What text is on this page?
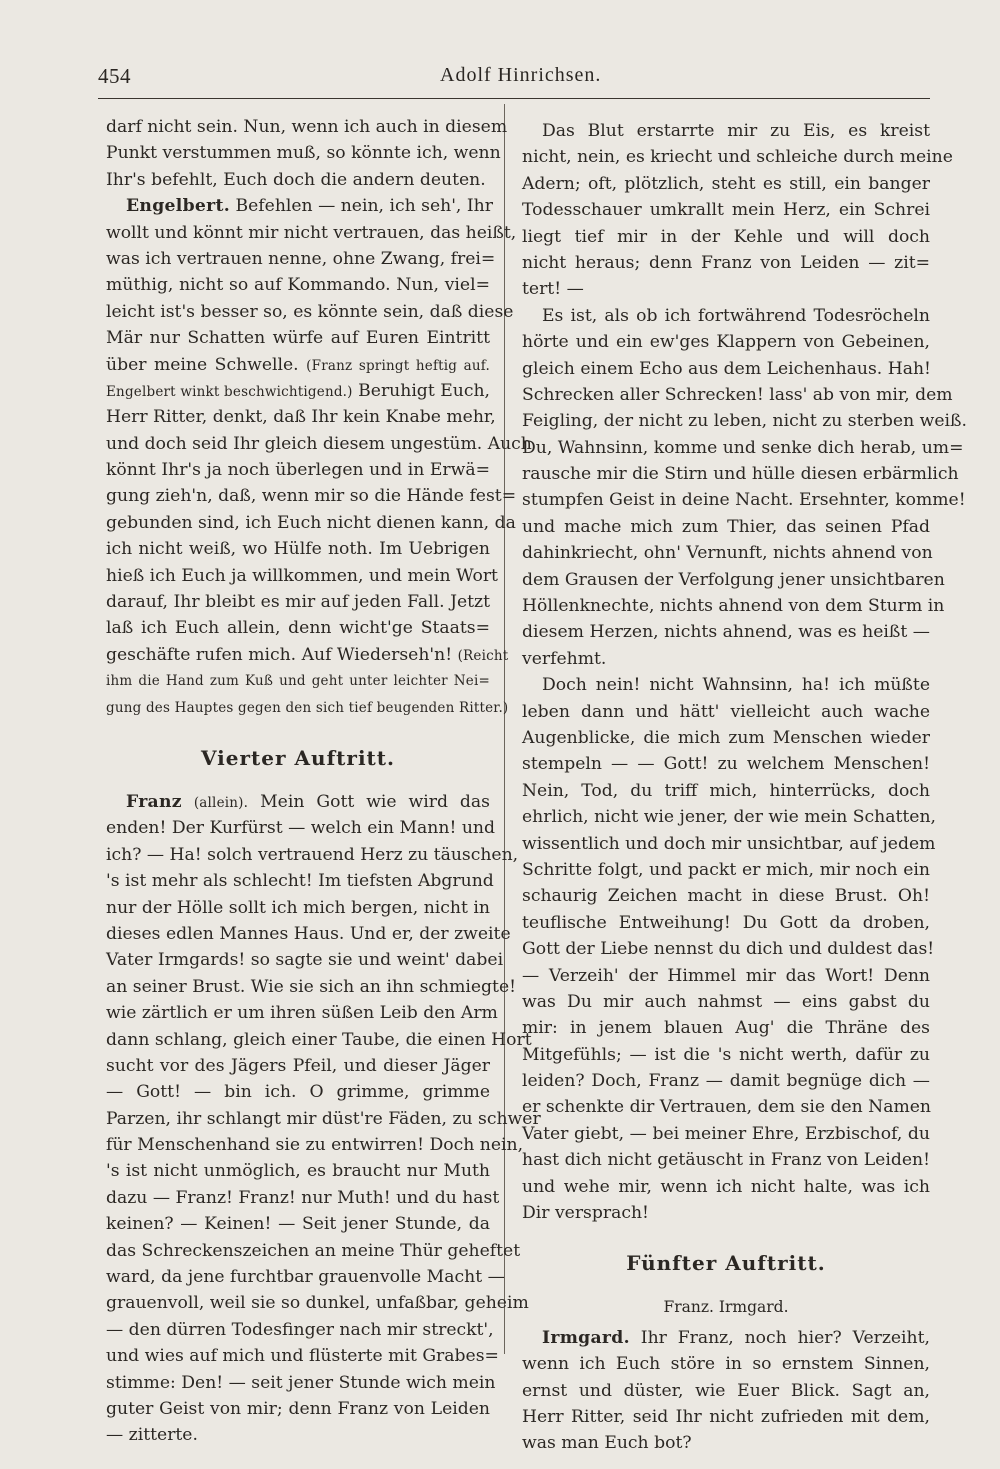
454	Adolf Hinrichsen.
darf nicht sein. Nun, wenn ich auch in diesem
Punkt verstummen muß, so könnte ich, wenn
Ihr's befehlt, Euch doch die andern deuten.
Engelbert. Befehlen — nein, ich seh', Ihr
wollt und könnt mir nicht vertrauen, das heißt,
was ich vertrauen nenne, ohne Zwang, frei=
müthig, nicht so auf Kommando. Nun, viel=
leicht ist's besser so, es könnte sein, daß diese
Mär nur Schatten würfe auf Euren Eintritt
über meine Schwelle. (Franz springt heftig auf.
Engelbert winkt beschwichtigend.) Beruhigt Euch,
Herr Ritter, denkt, daß Ihr kein Knabe mehr,
und doch seid Ihr gleich diesem ungestüm. Auch
könnt Ihr's ja noch überlegen und in Erwä=
gung zieh'n, daß, wenn mir so die Hände fest=
gebunden sind, ich Euch nicht dienen kann, da
ich nicht weiß, wo Hülfe noth. Im Uebrigen
hieß ich Euch ja willkommen, und mein Wort
darauf, Ihr bleibt es mir auf jeden Fall. Jetzt
laß ich Euch allein, denn wicht'ge Staats=
geschäfte rufen mich. Auf Wiederseh'n! (Reicht
ihm die Hand zum Kuß und geht unter leichter Nei=
gung des Hauptes gegen den sich tief beugenden Ritter.)
Vierter Auftritt.
Franz (allein). Mein Gott wie wird das
enden! Der Kurfürst — welch ein Mann! und
ich? — Ha! solch vertrauend Herz zu täuschen,
's ist mehr als schlecht! Im tiefsten Abgrund
nur der Hölle sollt ich mich bergen, nicht in
dieses edlen Mannes Haus. Und er, der zweite
Vater Irmgards! so sagte sie und weint' dabei
an seiner Brust. Wie sie sich an ihn schmiegte!
wie zärtlich er um ihren süßen Leib den Arm
dann schlang, gleich einer Taube, die einen Hort
sucht vor des Jägers Pfeil, und dieser Jäger
— Gott! — bin ich. O grimme, grimme
Parzen, ihr schlangt mir düst're Fäden, zu schwer
für Menschenhand sie zu entwirren! Doch nein,
's ist nicht unmöglich, es braucht nur Muth
dazu — Franz! Franz! nur Muth! und du hast
keinen? — Keinen! — Seit jener Stunde, da
das Schreckenszeichen an meine Thür geheftet
ward, da jene furchtbar grauenvolle Macht —
grauenvoll, weil sie so dunkel, unfaßbar, geheim
— den dürren Todesfinger nach mir streckt',
und wies auf mich und flüsterte mit Grabes=
stimme: Den! — seit jener Stunde wich mein
guter Geist von mir; denn Franz von Leiden
— zitterte.
Das Blut erstarrte mir zu Eis, es kreist
nicht, nein, es kriecht und schleiche durch meine
Adern; oft, plötzlich, steht es still, ein banger
Todesschauer umkrallt mein Herz, ein Schrei
liegt tief mir in der Kehle und will doch
nicht heraus; denn Franz von Leiden — zit=
tert! —
Es ist, als ob ich fortwährend Todesröcheln
hörte und ein ew'ges Klappern von Gebeinen,
gleich einem Echo aus dem Leichenhaus. Hah!
Schrecken aller Schrecken! lass' ab von mir, dem
Feigling, der nicht zu leben, nicht zu sterben weiß.
Du, Wahnsinn, komme und senke dich herab, um=
rausche mir die Stirn und hülle diesen erbärmlich
stumpfen Geist in deine Nacht. Ersehnter, komme!
und mache mich zum Thier, das seinen Pfad
dahinkriecht, ohn' Vernunft, nichts ahnend von
dem Grausen der Verfolgung jener unsichtbaren
Höllenknechte, nichts ahnend von dem Sturm in
diesem Herzen, nichts ahnend, was es heißt —
verfehmt.
Doch nein! nicht Wahnsinn, ha! ich müßte
leben dann und hätt' vielleicht auch wache
Augenblicke, die mich zum Menschen wieder
stempeln — — Gott! zu welchem Menschen!
Nein, Tod, du triff mich, hinterrücks, doch
ehrlich, nicht wie jener, der wie mein Schatten,
wissentlich und doch mir unsichtbar, auf jedem
Schritte folgt, und packt er mich, mir noch ein
schaurig Zeichen macht in diese Brust. Oh!
teuflische Entweihung! Du Gott da droben,
Gott der Liebe nennst du dich und duldest das!
— Verzeih' der Himmel mir das Wort! Denn
was Du mir auch nahmst — eins gabst du
mir: in jenem blauen Aug' die Thräne des
Mitgefühls; — ist die 's nicht werth, dafür zu
leiden? Doch, Franz — damit begnüge dich —
er schenkte dir Vertrauen, dem sie den Namen
Vater giebt, — bei meiner Ehre, Erzbischof, du
hast dich nicht getäuscht in Franz von Leiden!
und wehe mir, wenn ich nicht halte, was ich
Dir versprach!
Fünfter Auftritt.
Franz. Irmgard.
Irmgard. Ihr Franz, noch hier? Verzeiht,
wenn ich Euch störe in so ernstem Sinnen,
ernst und düster, wie Euer Blick. Sagt an,
Herr Ritter, seid Ihr nicht zufrieden mit dem,
was man Euch bot?
